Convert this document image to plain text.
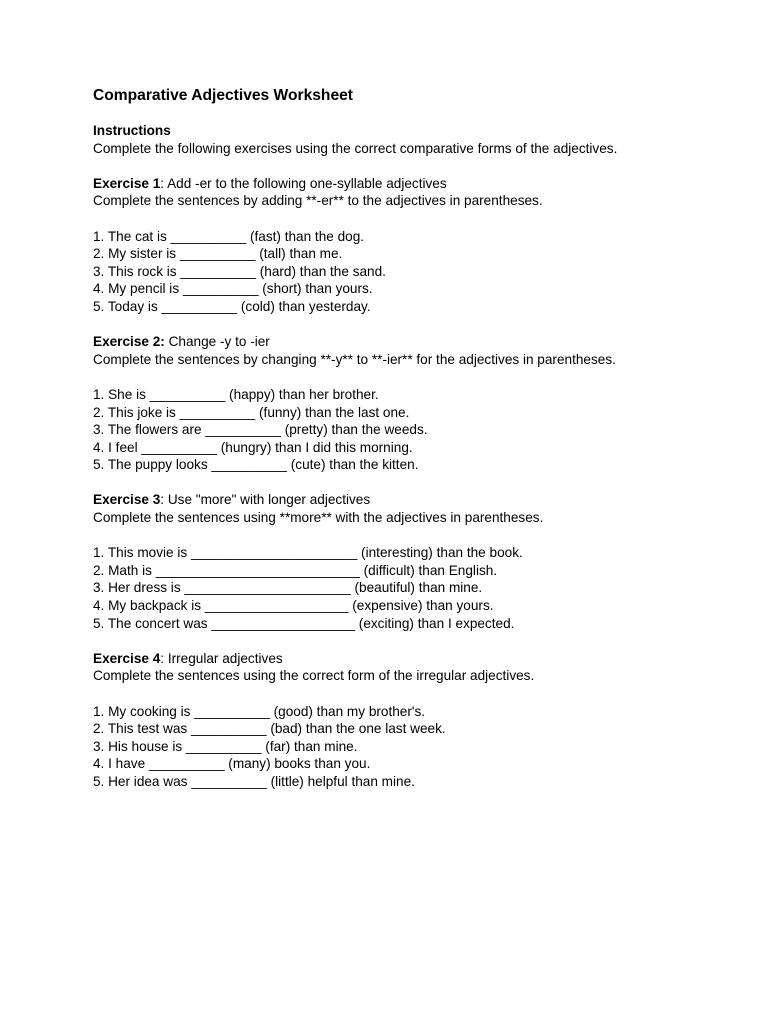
Comparative Adjectives Worksheet
Instructions
Complete the following exercises using the correct comparative forms of the adjectives.
Exercise 1: Add -er to the following one-syllable adjectives
Complete the sentences by adding **-er** to the adjectives in parentheses.
1. The cat is __________ (fast) than the dog.
2. My sister is __________ (tall) than me.
3. This rock is __________ (hard) than the sand.
4. My pencil is __________ (short) than yours.
5. Today is __________ (cold) than yesterday.
Exercise 2: Change -y to -ier
Complete the sentences by changing **-y** to **-ier** for the adjectives in parentheses.
1. She is __________ (happy) than her brother.
2. This joke is __________ (funny) than the last one.
3. The flowers are __________ (pretty) than the weeds.
4. I feel __________ (hungry) than I did this morning.
5. The puppy looks __________ (cute) than the kitten.
Exercise 3: Use "more" with longer adjectives
Complete the sentences using **more** with the adjectives in parentheses.
1. This movie is ______________________ (interesting) than the book.
2. Math is ___________________________ (difficult) than English.
3. Her dress is ______________________ (beautiful) than mine.
4. My backpack is ___________________ (expensive) than yours.
5. The concert was ___________________ (exciting) than I expected.
Exercise 4: Irregular adjectives
Complete the sentences using the correct form of the irregular adjectives.
1. My cooking is __________ (good) than my brother's.
2. This test was __________ (bad) than the one last week.
3. His house is __________ (far) than mine.
4. I have __________ (many) books than you.
5. Her idea was __________ (little) helpful than mine.
